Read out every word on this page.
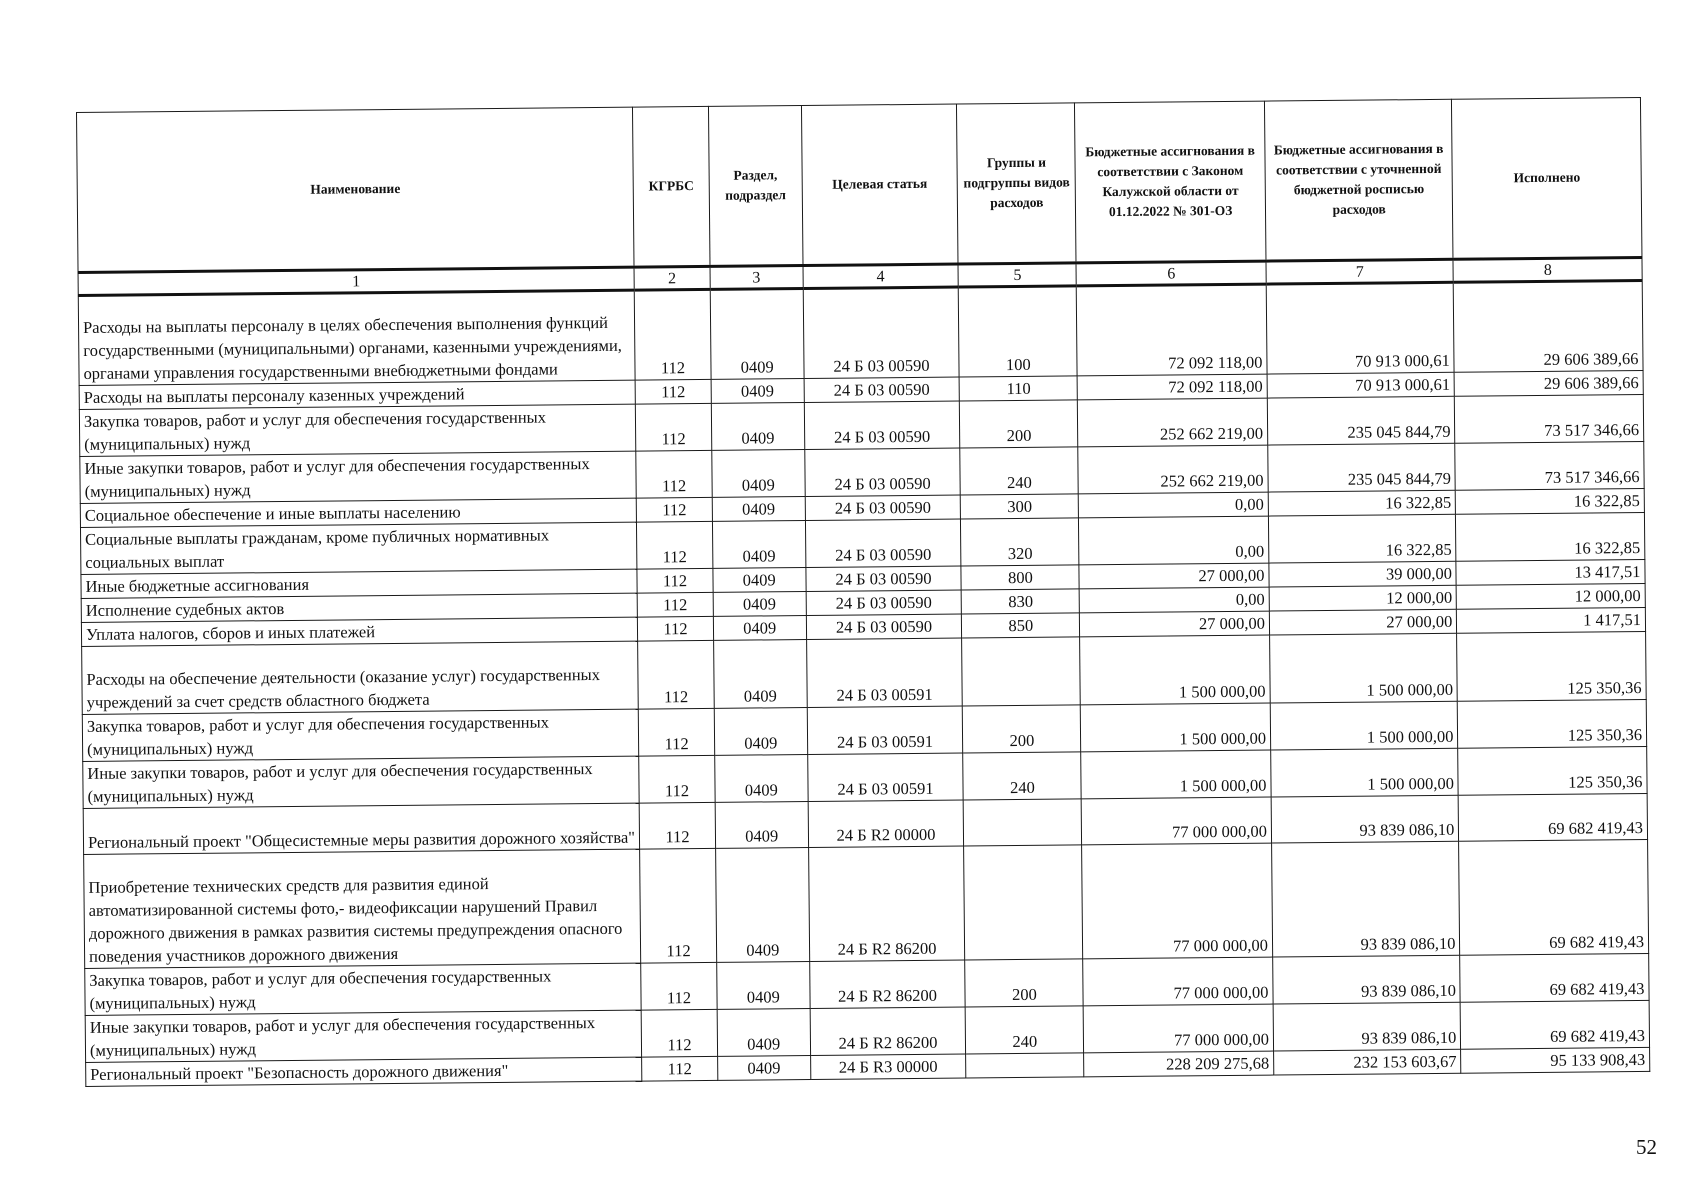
Наименование	КГРБС	Раздел, подраздел	Целевая статья	Группы и подгруппы видов расходов	Бюджетные ассигнования в соответствии с Законом Калужской области от 01.12.2022 № 301-ОЗ	Бюджетные ассигнования в соответствии с уточненной бюджетной росписью расходов	Исполнено
1	2	3	4	5	6	7	8
Расходы на выплаты персоналу в целях обеспечения выполнения функций государственными (муниципальными) органами, казенными учреждениями, органами управления государственными внебюджетными фондами	112	0409	24 Б 03 00590	100	72 092 118,00	70 913 000,61	29 606 389,66
Расходы на выплаты персоналу казенных учреждений	112	0409	24 Б 03 00590	110	72 092 118,00	70 913 000,61	29 606 389,66
Закупка товаров, работ и услуг для обеспечения государственных (муниципальных) нужд	112	0409	24 Б 03 00590	200	252 662 219,00	235 045 844,79	73 517 346,66
Иные закупки товаров, работ и услуг для обеспечения государственных (муниципальных) нужд	112	0409	24 Б 03 00590	240	252 662 219,00	235 045 844,79	73 517 346,66
Социальное обеспечение и иные выплаты населению	112	0409	24 Б 03 00590	300	0,00	16 322,85	16 322,85
Социальные выплаты гражданам, кроме публичных нормативных социальных выплат	112	0409	24 Б 03 00590	320	0,00	16 322,85	16 322,85
Иные бюджетные ассигнования	112	0409	24 Б 03 00590	800	27 000,00	39 000,00	13 417,51
Исполнение судебных актов	112	0409	24 Б 03 00590	830	0,00	12 000,00	12 000,00
Уплата налогов, сборов и иных платежей	112	0409	24 Б 03 00590	850	27 000,00	27 000,00	1 417,51
Расходы на обеспечение деятельности (оказание услуг) государственных учреждений за счет средств областного бюджета	112	0409	24 Б 03 00591		1 500 000,00	1 500 000,00	125 350,36
Закупка товаров, работ и услуг для обеспечения государственных (муниципальных) нужд	112	0409	24 Б 03 00591	200	1 500 000,00	1 500 000,00	125 350,36
Иные закупки товаров, работ и услуг для обеспечения государственных (муниципальных) нужд	112	0409	24 Б 03 00591	240	1 500 000,00	1 500 000,00	125 350,36
Региональный проект "Общесистемные меры развития дорожного хозяйства"	112	0409	24 Б R2 00000		77 000 000,00	93 839 086,10	69 682 419,43
Приобретение технических средств для развития единой автоматизированной системы фото,- видеофиксации нарушений Правил дорожного движения в рамках развития системы предупреждения опасного поведения участников дорожного движения	112	0409	24 Б R2 86200		77 000 000,00	93 839 086,10	69 682 419,43
Закупка товаров, работ и услуг для обеспечения государственных (муниципальных) нужд	112	0409	24 Б R2 86200	200	77 000 000,00	93 839 086,10	69 682 419,43
Иные закупки товаров, работ и услуг для обеспечения государственных (муниципальных) нужд	112	0409	24 Б R2 86200	240	77 000 000,00	93 839 086,10	69 682 419,43
Региональный проект "Безопасность дорожного движения"	112	0409	24 Б R3 00000		228 209 275,68	232 153 603,67	95 133 908,43
52
